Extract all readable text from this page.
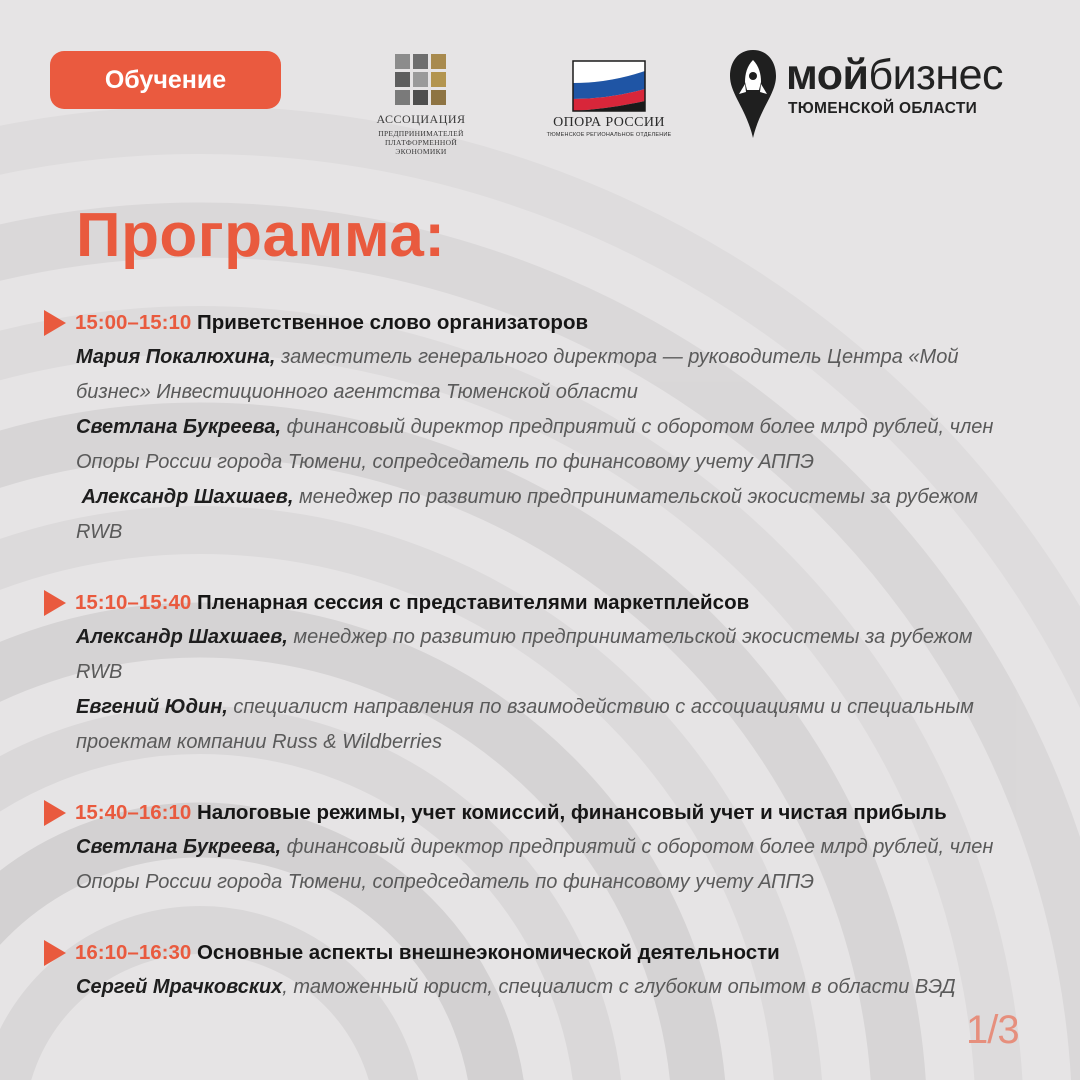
Обучение
АССОЦИАЦИЯ
ПРЕДПРИНИМАТЕЛЕЙ
ПЛАТФОРМЕННОЙ
ЭКОНОМИКИ
ОПОРА РОССИИ
ТЮМЕНСКОЕ РЕГИОНАЛЬНОЕ ОТДЕЛЕНИЕ
мойбизнес
ТЮМЕНСКОЙ ОБЛАСТИ
Программа:
15:00–15:10 Приветственное слово организаторов
Мария Покалюхина, заместитель генерального директора — руководитель Центра «Мой бизнес» Инвестиционного агентства Тюменской области
Светлана Букреева, финансовый директор предприятий с оборотом более млрд рублей, член Опоры России города Тюмени, сопредседатель по финансовому учету АППЭ
Александр Шахшаев, менеджер по развитию предпринимательской экосистемы за рубежом RWB
15:10–15:40 Пленарная сессия с представителями маркетплейсов
Александр Шахшаев, менеджер по развитию предпринимательской экосистемы за рубежом RWB
Евгений Юдин, специалист направления по взаимодействию с ассоциациями и специальным проектам компании Russ & Wildberries
15:40–16:10 Налоговые режимы, учет комиссий, финансовый учет и чистая прибыль
Светлана Букреева, финансовый директор предприятий с оборотом более млрд рублей, член Опоры России города Тюмени, сопредседатель по финансовому учету АППЭ
16:10–16:30 Основные аспекты внешнеэкономической деятельности
Сергей Мрачковских, таможенный юрист, специалист с глубоким опытом в области ВЭД
1/3
